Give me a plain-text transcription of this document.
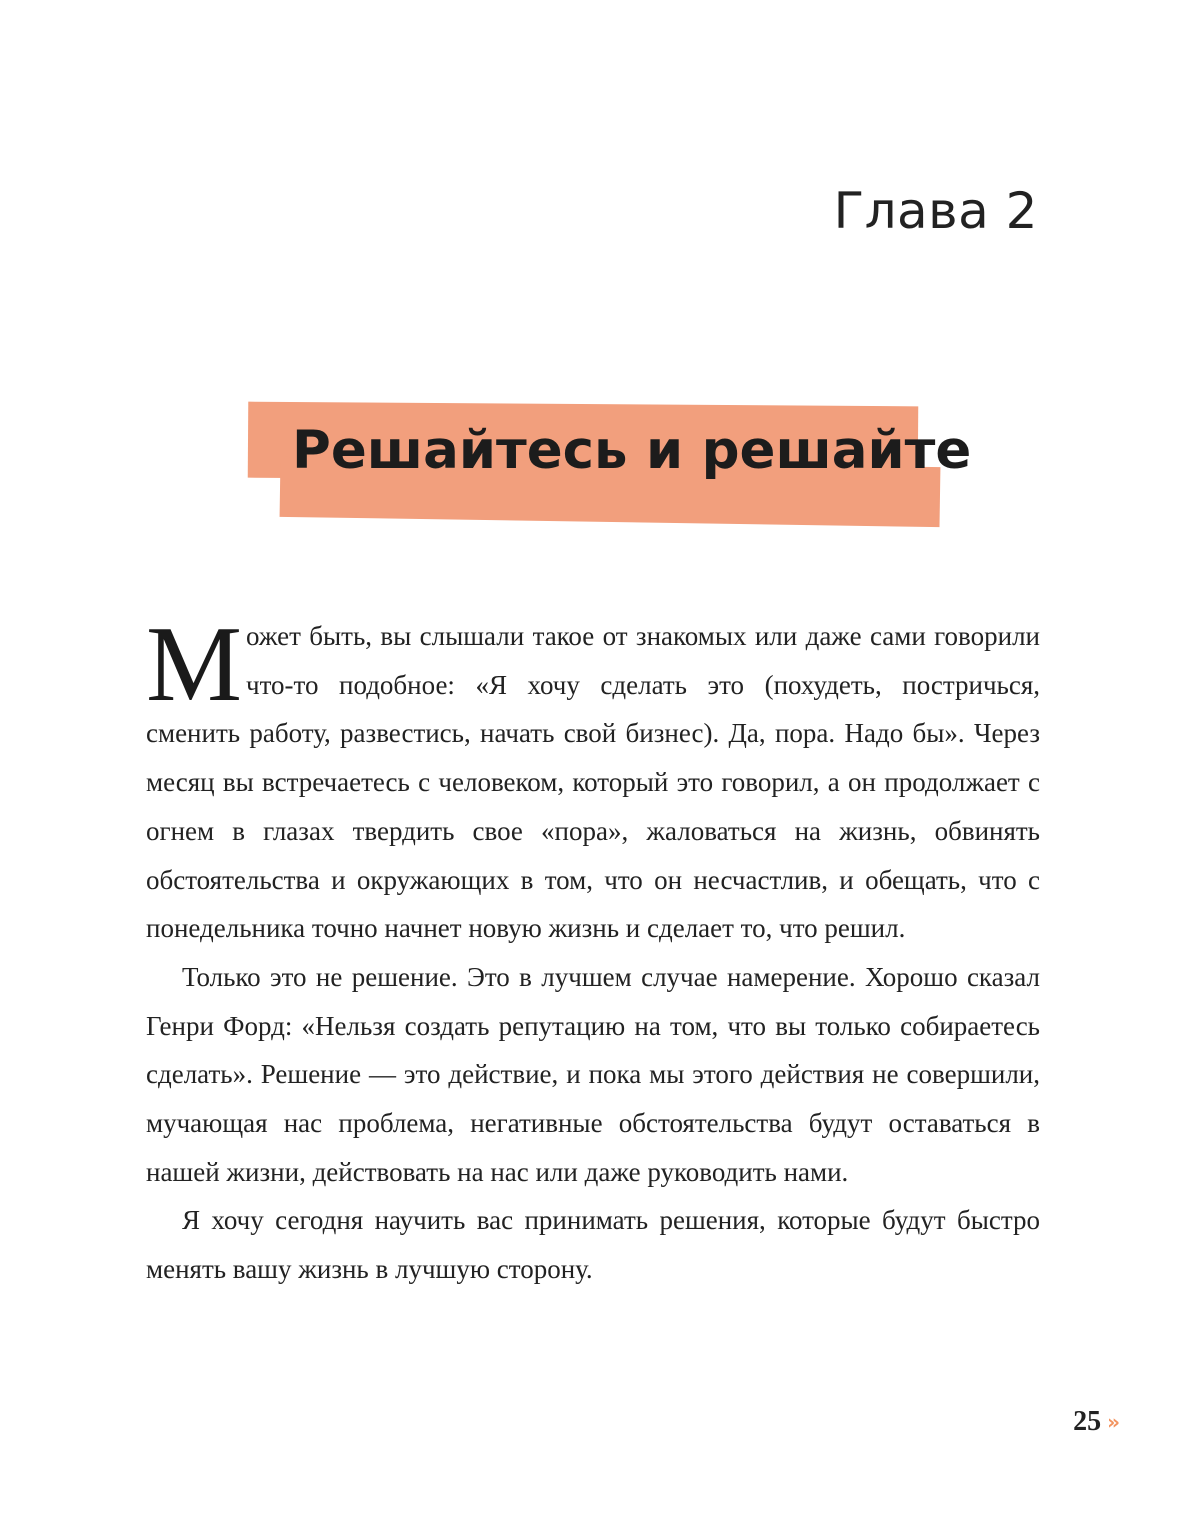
Глава 2
Решайтесь и решайте

Может быть, вы слышали такое от знакомых или даже сами говорили что-то подобное: «Я хочу сделать это (похудеть, постричься, сменить работу, развестись, начать свой бизнес). Да, пора. Надо бы». Через месяц вы встречаетесь с человеком, который это говорил, а он продолжает с огнем в глазах твердить свое «пора», жаловаться на жизнь, обвинять обстоятельства и окружающих в том, что он несчастлив, и обещать, что с понедельника точно начнет новую жизнь и сделает то, что решил.

Только это не решение. Это в лучшем случае намерение. Хорошо сказал Генри Форд: «Нельзя создать репутацию на том, что вы только собираетесь сделать». Решение — это действие, и пока мы этого действия не совершили, мучающая нас проблема, негативные обстоятельства будут оставаться в нашей жизни, действовать на нас или даже руководить нами.

Я хочу сегодня научить вас принимать решения, которые будут быстро менять вашу жизнь в лучшую сторону.

25 »
